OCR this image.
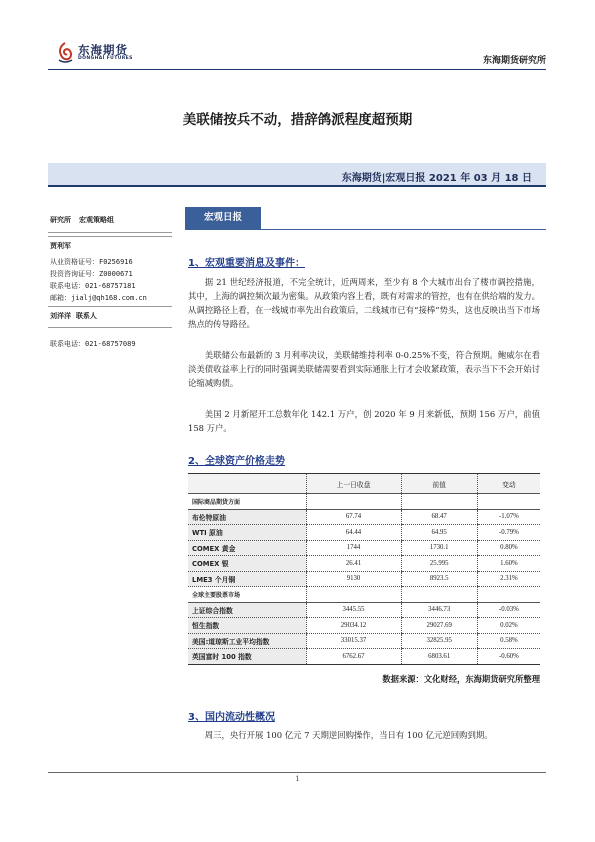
东海期货
DONGHAI FUTURES	东海期货研究所
美联储按兵不动，措辞鸽派程度超预期
东海期货|宏观日报 2021 年 03 月 18 日
研究所 宏观策略组
贾利军
从业资格证号：F0256916
投资咨询证号：Z0000671
联系电话：021-68757181
邮箱：jialj@qh168.com.cn
刘洋洋 联系人
联系电话：021-68757089
宏观日报
1、宏观重要消息及事件：
据 21 世纪经济报道，不完全统计，近两周来，至少有 8 个大城市出台了楼市调控措施，其中，上海的调控频次最为密集。从政策内容上看，既有对需求的管控，也有在供给端的发力。从调控路径上看，在一线城市率先出台政策后，二线城市已有“接棒”势头，这也反映出当下市场热点的传导路径。
美联储公布最新的 3 月利率决议，美联储维持利率 0-0.25%不变，符合预期。鲍威尔在看淡美债收益率上行的同时强调美联储需要看到实际通胀上行才会收紧政策，表示当下不会开始讨论缩减购债。
美国 2 月新屋开工总数年化 142.1 万户，创 2020 年 9 月来新低，预期 156 万户，前值 158 万户。
2、全球资产价格走势
	上一日收盘	前值	变动
国际商品期货方面			
布伦特原油	67.74	68.47	-1.07%
WTI 原油	64.44	64.95	-0.79%
COMEX 黄金	1744	1730.1	0.80%
COMEX 银	26.41	25.995	1.60%
LME3 个月铜	9130	8923.5	2.31%
全球主要股票市场			
上证综合指数	3445.55	3446.73	-0.03%
恒生指数	29034.12	29027.69	0.02%
美国:道琼斯工业平均指数	33015.37	32825.95	0.58%
英国富时 100 指数	6762.67	6803.61	-0.60%
数据来源：文化财经，东海期货研究所整理
3、国内流动性概况
周三，央行开展 100 亿元 7 天期逆回购操作，当日有 100 亿元逆回购到期。
1
